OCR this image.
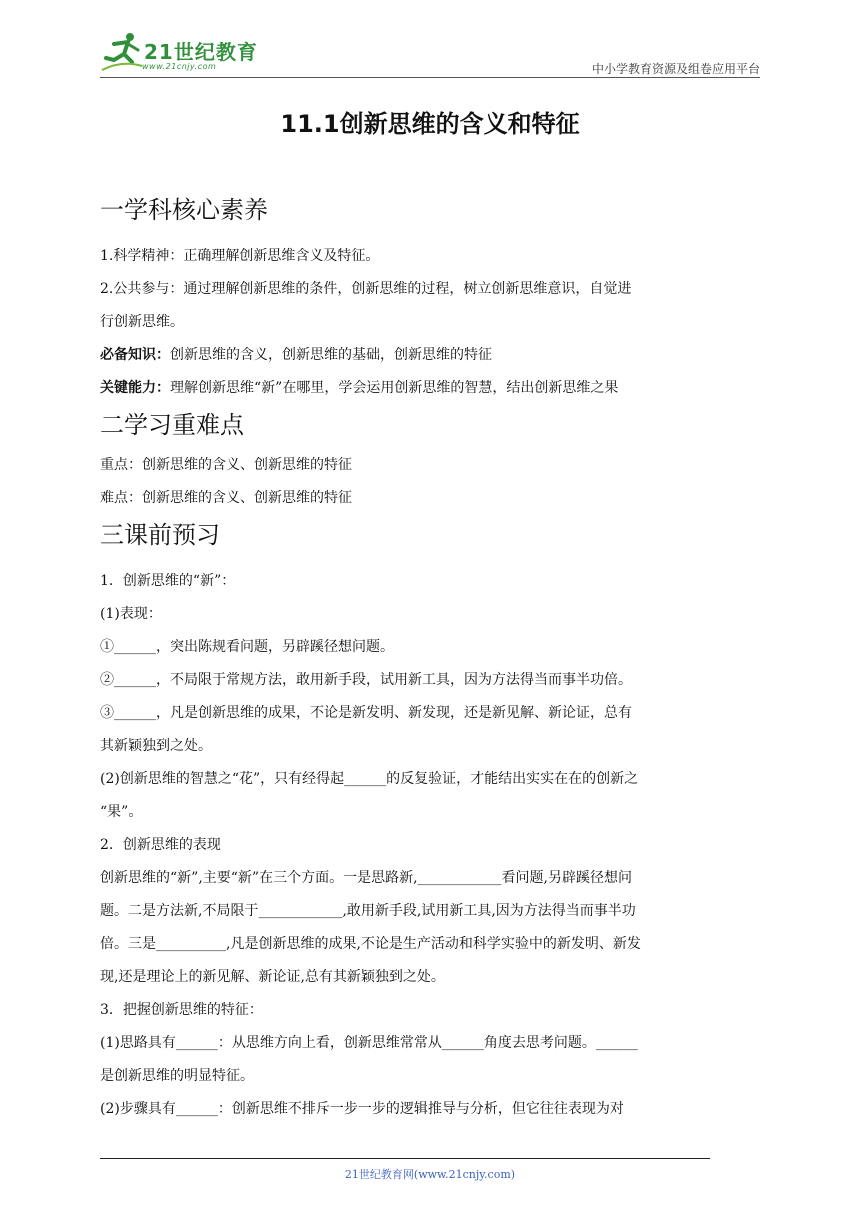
21世纪教育
www.21cnjy.com	中小学教育资源及组卷应用平台
11.1创新思维的含义和特征
一学科核心素养

1.科学精神：正确理解创新思维含义及特征。

2.公共参与：通过理解创新思维的条件，创新思维的过程，树立创新思维意识，自觉进

行创新思维。

必备知识：创新思维的含义，创新思维的基础，创新思维的特征

关键能力：理解创新思维“新”在哪里，学会运用创新思维的智慧，结出创新思维之果

二学习重难点

重点：创新思维的含义、创新思维的特征

难点：创新思维的含义、创新思维的特征

三课前预习

1．创新思维的“新”：

(1)表现：

①______，突出陈规看问题，另辟蹊径想问题。

②______，不局限于常规方法，敢用新手段，试用新工具，因为方法得当而事半功倍。

③______，凡是创新思维的成果，不论是新发明、新发现，还是新见解、新论证，总有

其新颖独到之处。

(2)创新思维的智慧之“花”，只有经得起______的反复验证，才能结出实实在在的创新之

“果”。

2．创新思维的表现

创新思维的“新”,主要“新”在三个方面。一是思路新,____________看问题,另辟蹊径想问

题。二是方法新,不局限于____________,敢用新手段,试用新工具,因为方法得当而事半功

倍。三是__________,凡是创新思维的成果,不论是生产活动和科学实验中的新发明、新发

现,还是理论上的新见解、新论证,总有其新颖独到之处。

3．把握创新思维的特征：

(1)思路具有______：从思维方向上看，创新思维常常从______角度去思考问题。______

是创新思维的明显特征。

(2)步骤具有______：创新思维不排斥一步一步的逻辑推导与分析，但它往往表现为对

21世纪教育网(www.21cnjy.com)
